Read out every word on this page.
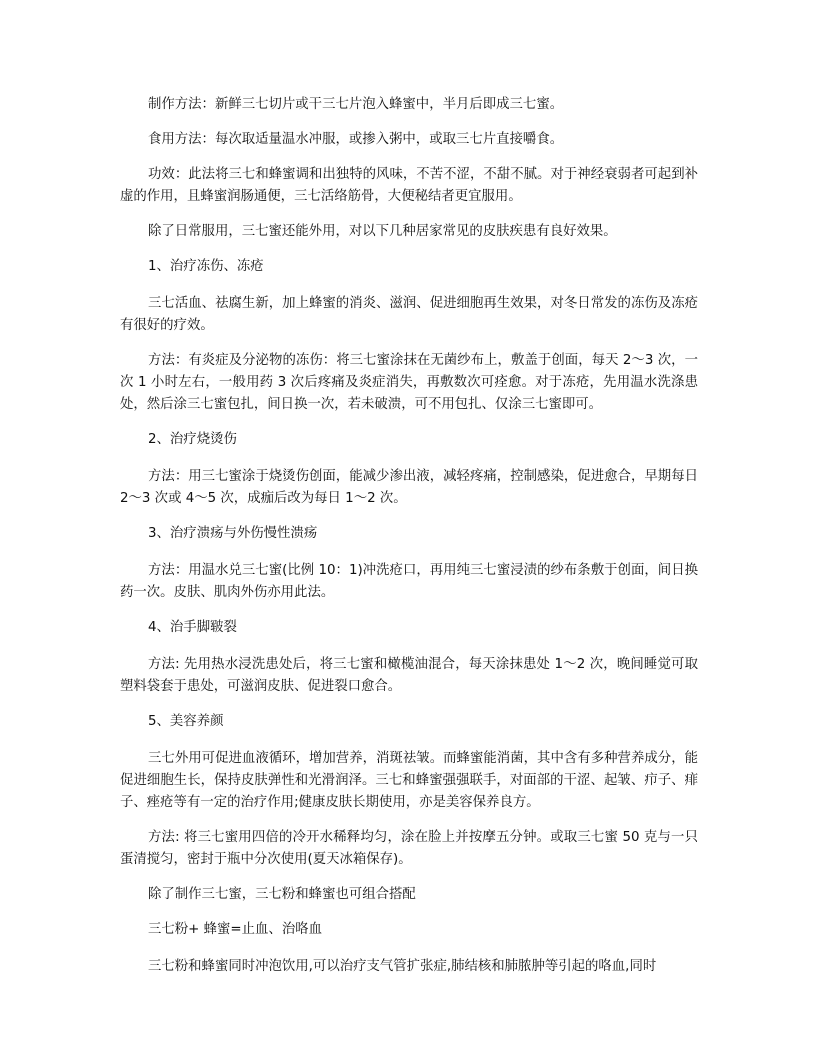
制作方法：新鲜三七切片或干三七片泡入蜂蜜中，半月后即成三七蜜。

食用方法：每次取适量温水冲服，或掺入粥中，或取三七片直接嚼食。

功效：此法将三七和蜂蜜调和出独特的风味，不苦不涩，不甜不腻。对于神经衰弱者可起到补虚的作用，且蜂蜜润肠通便，三七活络筋骨，大便秘结者更宜服用。

除了日常服用，三七蜜还能外用，对以下几种居家常见的皮肤疾患有良好效果。

1、治疗冻伤、冻疮

三七活血、祛腐生新，加上蜂蜜的消炎、滋润、促进细胞再生效果，对冬日常发的冻伤及冻疮有很好的疗效。

方法：有炎症及分泌物的冻伤：将三七蜜涂抹在无菌纱布上，敷盖于创面，每天 2～3 次，一次 1 小时左右，一般用药 3 次后疼痛及炎症消失，再敷数次可痊愈。对于冻疮，先用温水洗涤患处，然后涂三七蜜包扎，间日换一次，若未破溃，可不用包扎、仅涂三七蜜即可。

2、治疗烧烫伤

方法：用三七蜜涂于烧烫伤创面，能减少渗出液，减轻疼痛，控制感染，促进愈合，早期每日 2～3 次或 4～5 次，成痂后改为每日 1～2 次。

3、治疗溃疡与外伤慢性溃疡

方法：用温水兑三七蜜(比例 10：1)冲洗疮口，再用纯三七蜜浸渍的纱布条敷于创面，间日换药一次。皮肤、肌肉外伤亦用此法。

4、治手脚皲裂

方法: 先用热水浸洗患处后，将三七蜜和橄榄油混合，每天涂抹患处 1～2 次，晚间睡觉可取塑料袋套于患处，可滋润皮肤、促进裂口愈合。

5、美容养颜

三七外用可促进血液循环，增加营养，消斑祛皱。而蜂蜜能消菌，其中含有多种营养成分，能促进细胞生长，保持皮肤弹性和光滑润泽。三七和蜂蜜强强联手，对面部的干涩、起皱、疖子、痱子、痤疮等有一定的治疗作用;健康皮肤长期使用，亦是美容保养良方。

方法: 将三七蜜用四倍的冷开水稀释均匀，涂在脸上并按摩五分钟。或取三七蜜 50 克与一只蛋清搅匀，密封于瓶中分次使用(夏天冰箱保存)。

除了制作三七蜜，三七粉和蜂蜜也可组合搭配

三七粉+ 蜂蜜=止血、治咯血

三七粉和蜂蜜同时冲泡饮用,可以治疗支气管扩张症,肺结核和肺脓肿等引起的咯血,同时
